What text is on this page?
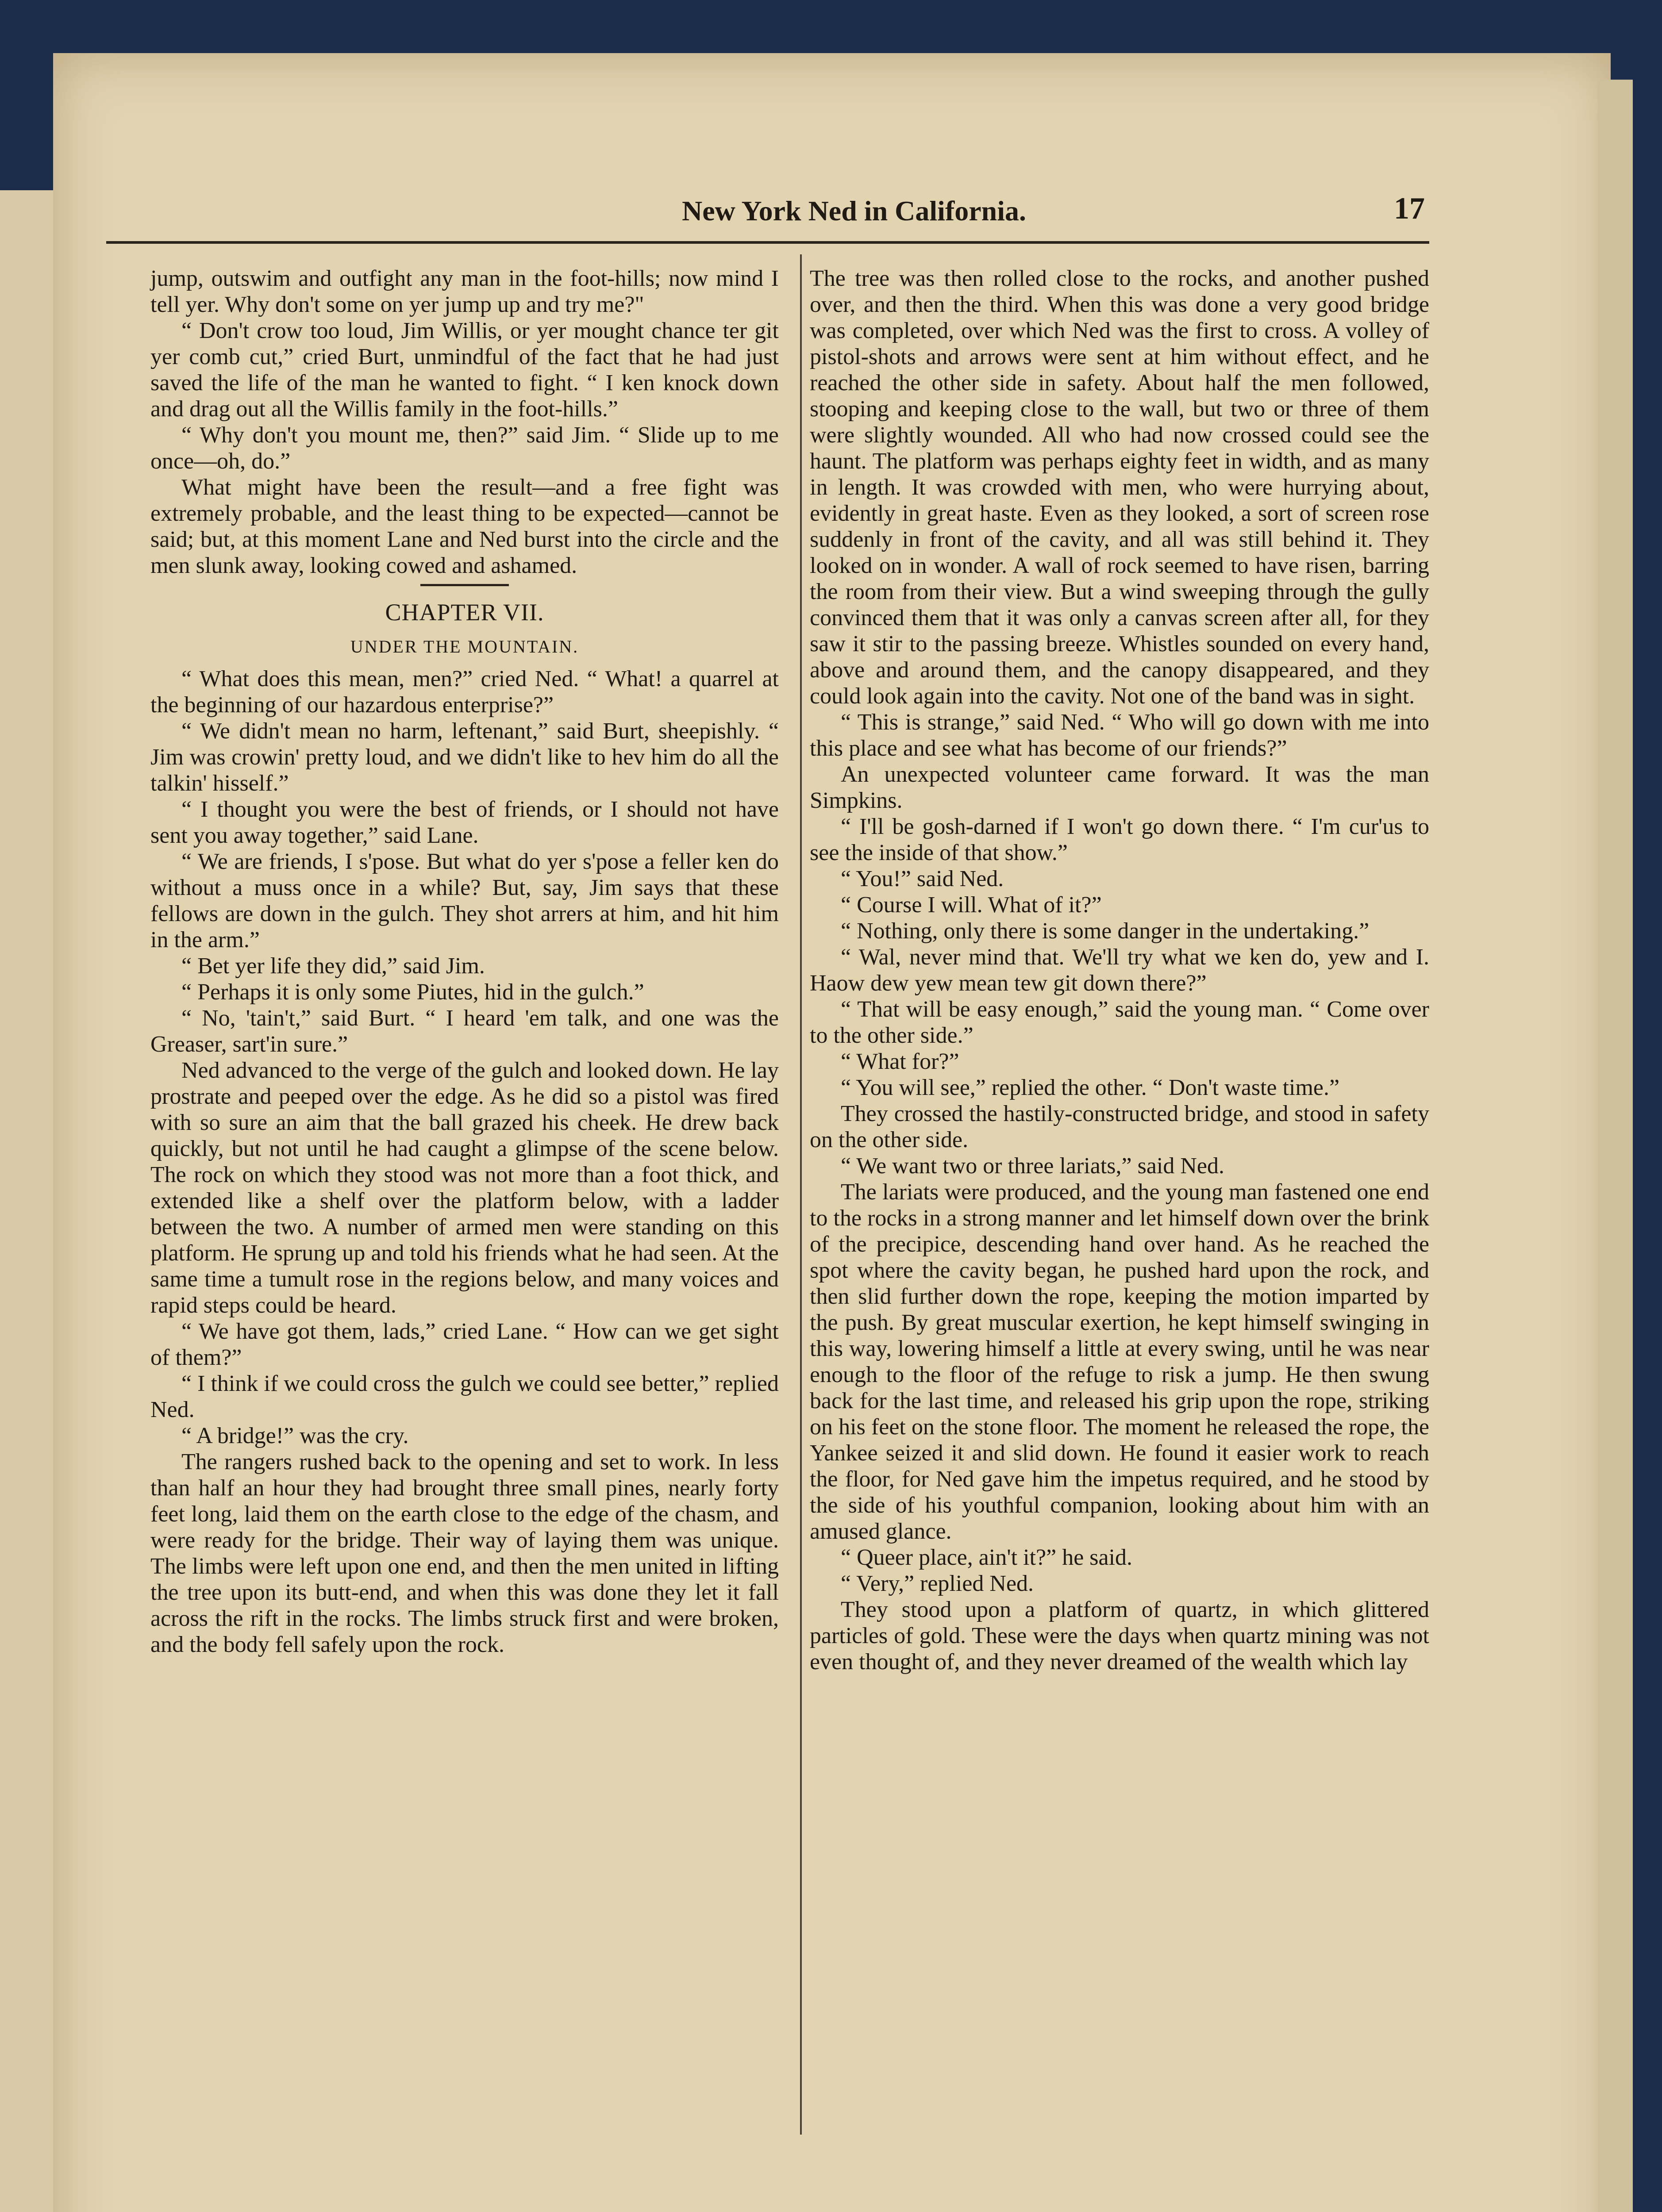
New York Ned in California.	17

jump, outswim and outfight any man in the foot-hills; now mind I tell yer. Why don't some on yer jump up and try me?"

“ Don't crow too loud, Jim Willis, or yer mought chance ter git yer comb cut,” cried Burt, unmindful of the fact that he had just saved the life of the man he wanted to fight. “ I ken knock down and drag out all the Willis family in the foot-hills.”

“ Why don't you mount me, then?” said Jim. “ Slide up to me once—oh, do.”

What might have been the result—and a free fight was extremely probable, and the least thing to be expected—cannot be said; but, at this moment Lane and Ned burst into the circle and the men slunk away, looking cowed and ashamed.

CHAPTER VII.
UNDER THE MOUNTAIN.

“ What does this mean, men?” cried Ned. “ What! a quarrel at the beginning of our hazardous enterprise?”

“ We didn't mean no harm, leftenant,” said Burt, sheepishly. “ Jim was crowin' pretty loud, and we didn't like to hev him do all the talkin' hisself.”

“ I thought you were the best of friends, or I should not have sent you away together,” said Lane.

“ We are friends, I s'pose. But what do yer s'pose a feller ken do without a muss once in a while? But, say, Jim says that these fellows are down in the gulch. They shot arrers at him, and hit him in the arm.”

“ Bet yer life they did,” said Jim.

“ Perhaps it is only some Piutes, hid in the gulch.”

“ No, 'tain't,” said Burt. “ I heard 'em talk, and one was the Greaser, sart'in sure.”

Ned advanced to the verge of the gulch and looked down. He lay prostrate and peeped over the edge. As he did so a pistol was fired with so sure an aim that the ball grazed his cheek. He drew back quickly, but not until he had caught a glimpse of the scene below. The rock on which they stood was not more than a foot thick, and extended like a shelf over the platform below, with a ladder between the two. A number of armed men were standing on this platform. He sprung up and told his friends what he had seen. At the same time a tumult rose in the regions below, and many voices and rapid steps could be heard.

“ We have got them, lads,” cried Lane. “ How can we get sight of them?”

“ I think if we could cross the gulch we could see better,” replied Ned.

“ A bridge!” was the cry.

The rangers rushed back to the opening and set to work. In less than half an hour they had brought three small pines, nearly forty feet long, laid them on the earth close to the edge of the chasm, and were ready for the bridge. Their way of laying them was unique. The limbs were left upon one end, and then the men united in lifting the tree upon its butt-end, and when this was done they let it fall across the rift in the rocks. The limbs struck first and were broken, and the body fell safely upon the rock.

The tree was then rolled close to the rocks, and another pushed over, and then the third. When this was done a very good bridge was completed, over which Ned was the first to cross. A volley of pistol-shots and arrows were sent at him without effect, and he reached the other side in safety. About half the men followed, stooping and keeping close to the wall, but two or three of them were slightly wounded. All who had now crossed could see the haunt. The platform was perhaps eighty feet in width, and as many in length. It was crowded with men, who were hurrying about, evidently in great haste. Even as they looked, a sort of screen rose suddenly in front of the cavity, and all was still behind it. They looked on in wonder. A wall of rock seemed to have risen, barring the room from their view. But a wind sweeping through the gully convinced them that it was only a canvas screen after all, for they saw it stir to the passing breeze. Whistles sounded on every hand, above and around them, and the canopy disappeared, and they could look again into the cavity. Not one of the band was in sight.

“ This is strange,” said Ned. “ Who will go down with me into this place and see what has become of our friends?”

An unexpected volunteer came forward. It was the man Simpkins.

“ I'll be gosh-darned if I won't go down there. “ I'm cur'us to see the inside of that show.”

“ You!” said Ned.

“ Course I will. What of it?”

“ Nothing, only there is some danger in the undertaking.”

“ Wal, never mind that. We'll try what we ken do, yew and I. Haow dew yew mean tew git down there?”

“ That will be easy enough,” said the young man. “ Come over to the other side.”

“ What for?”

“ You will see,” replied the other. “ Don't waste time.”

They crossed the hastily-constructed bridge, and stood in safety on the other side.

“ We want two or three lariats,” said Ned.

The lariats were produced, and the young man fastened one end to the rocks in a strong manner and let himself down over the brink of the precipice, descending hand over hand. As he reached the spot where the cavity began, he pushed hard upon the rock, and then slid further down the rope, keeping the motion imparted by the push. By great muscular exertion, he kept himself swinging in this way, lowering himself a little at every swing, until he was near enough to the floor of the refuge to risk a jump. He then swung back for the last time, and released his grip upon the rope, striking on his feet on the stone floor. The moment he released the rope, the Yankee seized it and slid down. He found it easier work to reach the floor, for Ned gave him the impetus required, and he stood by the side of his youthful companion, looking about him with an amused glance.

“ Queer place, ain't it?” he said.

“ Very,” replied Ned.

They stood upon a platform of quartz, in which glittered particles of gold. These were the days when quartz mining was not even thought of, and they never dreamed of the wealth which lay
